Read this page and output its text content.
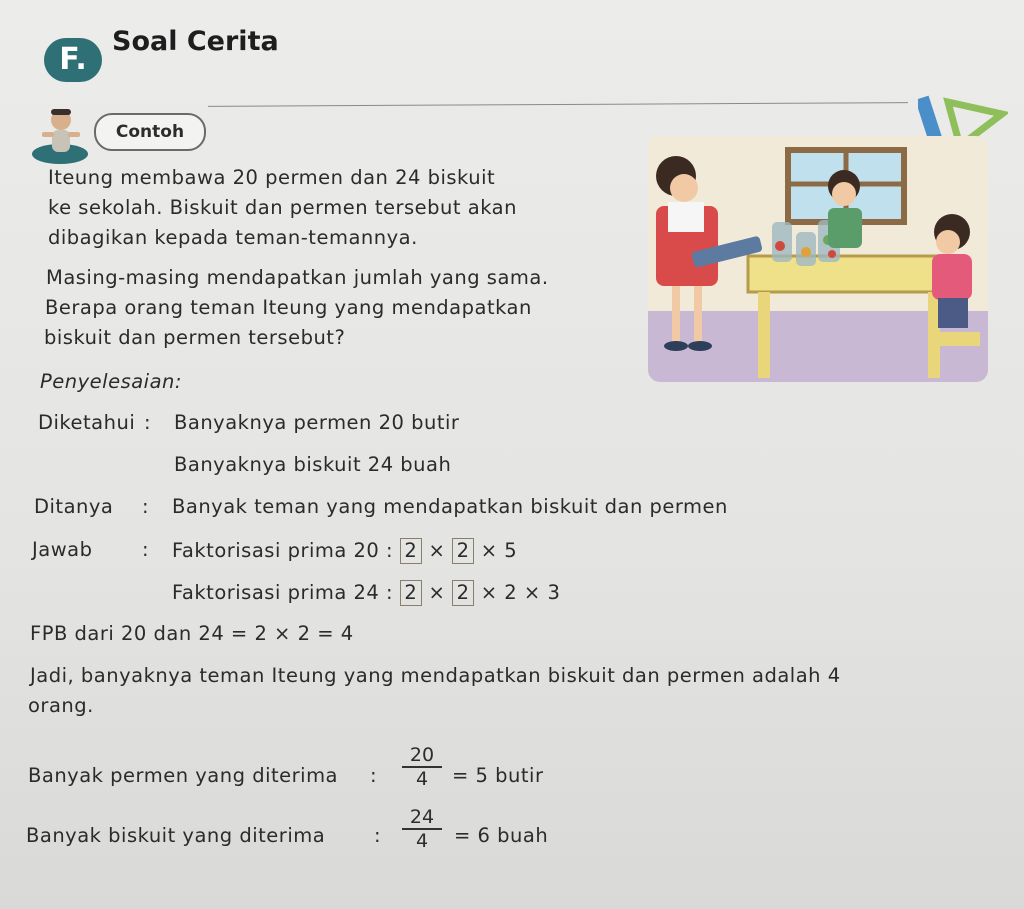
F.
Soal Cerita
Contoh
Iteung membawa 20 permen dan 24 biskuit
ke sekolah. Biskuit dan permen tersebut akan
dibagikan kepada teman-temannya.
Masing-masing mendapatkan jumlah yang sama.
Berapa orang teman Iteung yang mendapatkan
biskuit dan permen tersebut?
Penyelesaian:
Diketahui : Banyaknya permen 20 butir
Banyaknya biskuit 24 buah
Ditanya : Banyak teman yang mendapatkan biskuit dan permen
Jawab	: Faktorisasi prima 20 : 2 × 2 × 5
Faktorisasi prima 24 : 2 × 2 × 2 × 3
FPB dari 20 dan 24 = 2 × 2 = 4
Jadi, banyaknya teman Iteung yang mendapatkan biskuit dan permen adalah 4
orang.
Banyak permen yang diterima : $\frac{20}{4} = 5$ butir
Banyak biskuit yang diterima	: $\frac{24}{4} = 6$ buah
